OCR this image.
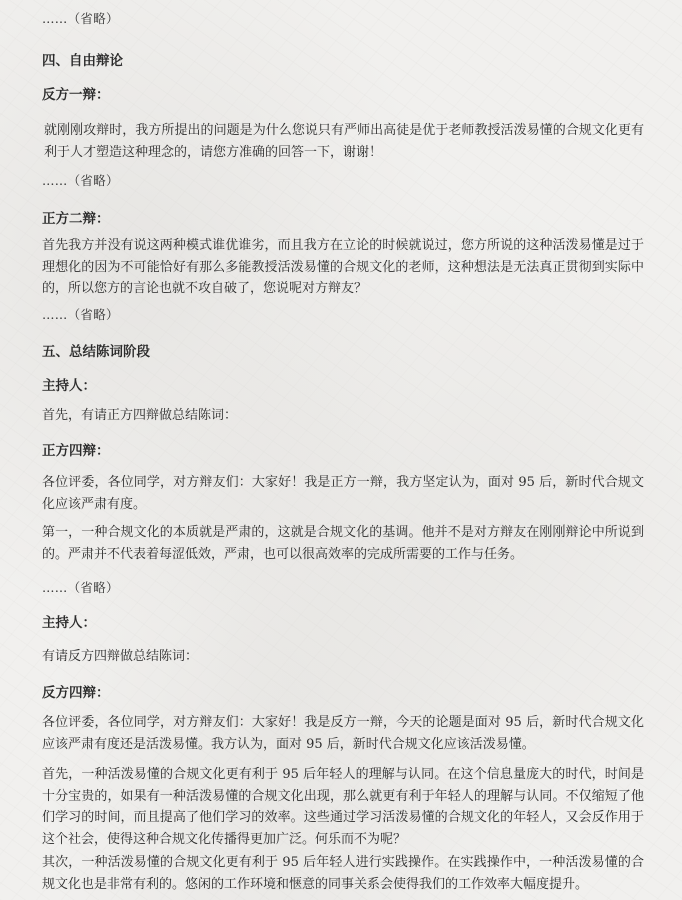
……（省略）

四、自由辩论

反方一辩：

就刚刚攻辩时，我方所提出的问题是为什么您说只有严师出高徒是优于老师教授活泼易懂的合规文化更有利于人才塑造这种理念的，请您方准确的回答一下，谢谢！

……（省略）

正方二辩：

首先我方并没有说这两种模式谁优谁劣，而且我方在立论的时候就说过，您方所说的这种活泼易懂是过于理想化的因为不可能恰好有那么多能教授活泼易懂的合规文化的老师，这种想法是无法真正贯彻到实际中的，所以您方的言论也就不攻自破了，您说呢对方辩友？

……（省略）

五、总结陈词阶段

主持人：

首先，有请正方四辩做总结陈词：

正方四辩：

各位评委，各位同学，对方辩友们：大家好！我是正方一辩，我方坚定认为，面对 95 后，新时代合规文化应该严肃有度。

第一，一种合规文化的本质就是严肃的，这就是合规文化的基调。他并不是对方辩友在刚刚辩论中所说到的。严肃并不代表着每涩低效，严肃，也可以很高效率的完成所需要的工作与任务。

……（省略）

主持人：

有请反方四辩做总结陈词：

反方四辩：

各位评委，各位同学，对方辩友们：大家好！我是反方一辩，今天的论题是面对 95 后，新时代合规文化应该严肃有度还是活泼易懂。我方认为，面对 95 后，新时代合规文化应该活泼易懂。

首先，一种活泼易懂的合规文化更有利于 95 后年轻人的理解与认同。在这个信息量庞大的时代，时间是十分宝贵的，如果有一种活泼易懂的合规文化出现，那么就更有利于年轻人的理解与认同。不仅缩短了他们学习的时间，而且提高了他们学习的效率。这些通过学习活泼易懂的合规文化的年轻人，又会反作用于这个社会，使得这种合规文化传播得更加广泛。何乐而不为呢？

其次，一种活泼易懂的合规文化更有利于 95 后年轻人进行实践操作。在实践操作中，一种活泼易懂的合规文化也是非常有利的。悠闲的工作环境和惬意的同事关系会使得我们的工作效率大幅度提升。
